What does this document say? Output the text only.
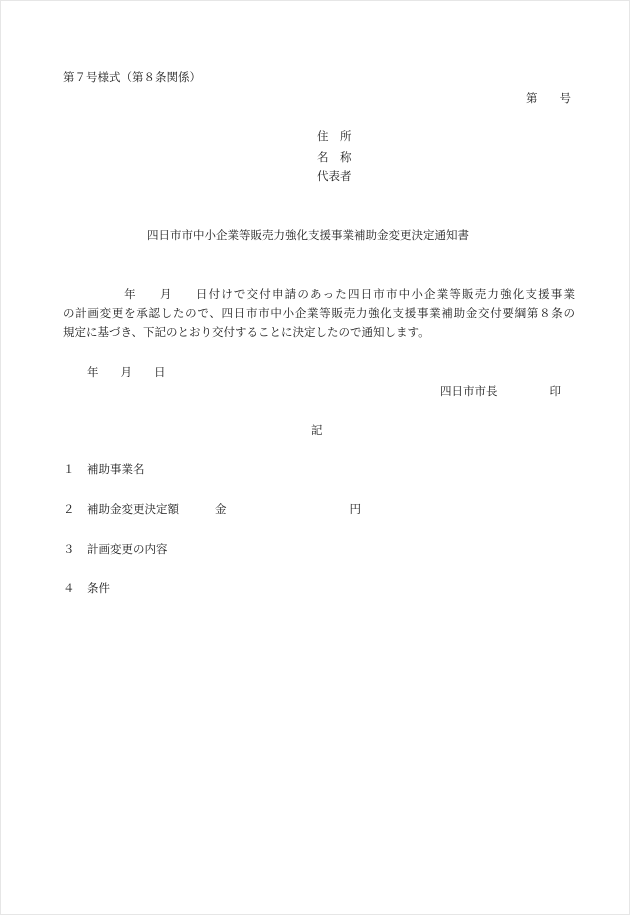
第７号様式（第８条関係）
第 号
住　所
名　称
代表者
四日市市中小企業等販売力強化支援事業補助金変更決定通知書
年 月 日付けで交付申請のあった四日市市中小企業等販売力強化支援事業
の計画変更を承認したので、四日市市中小企業等販売力強化支援事業補助金交付要綱第８条の
規定に基づき、下記のとおり交付することに決定したので通知します。
年 月 日
四日市市長	印
記
１ 補助事業名
２ 補助金変更決定額	金	円
３ 計画変更の内容
４ 条件
